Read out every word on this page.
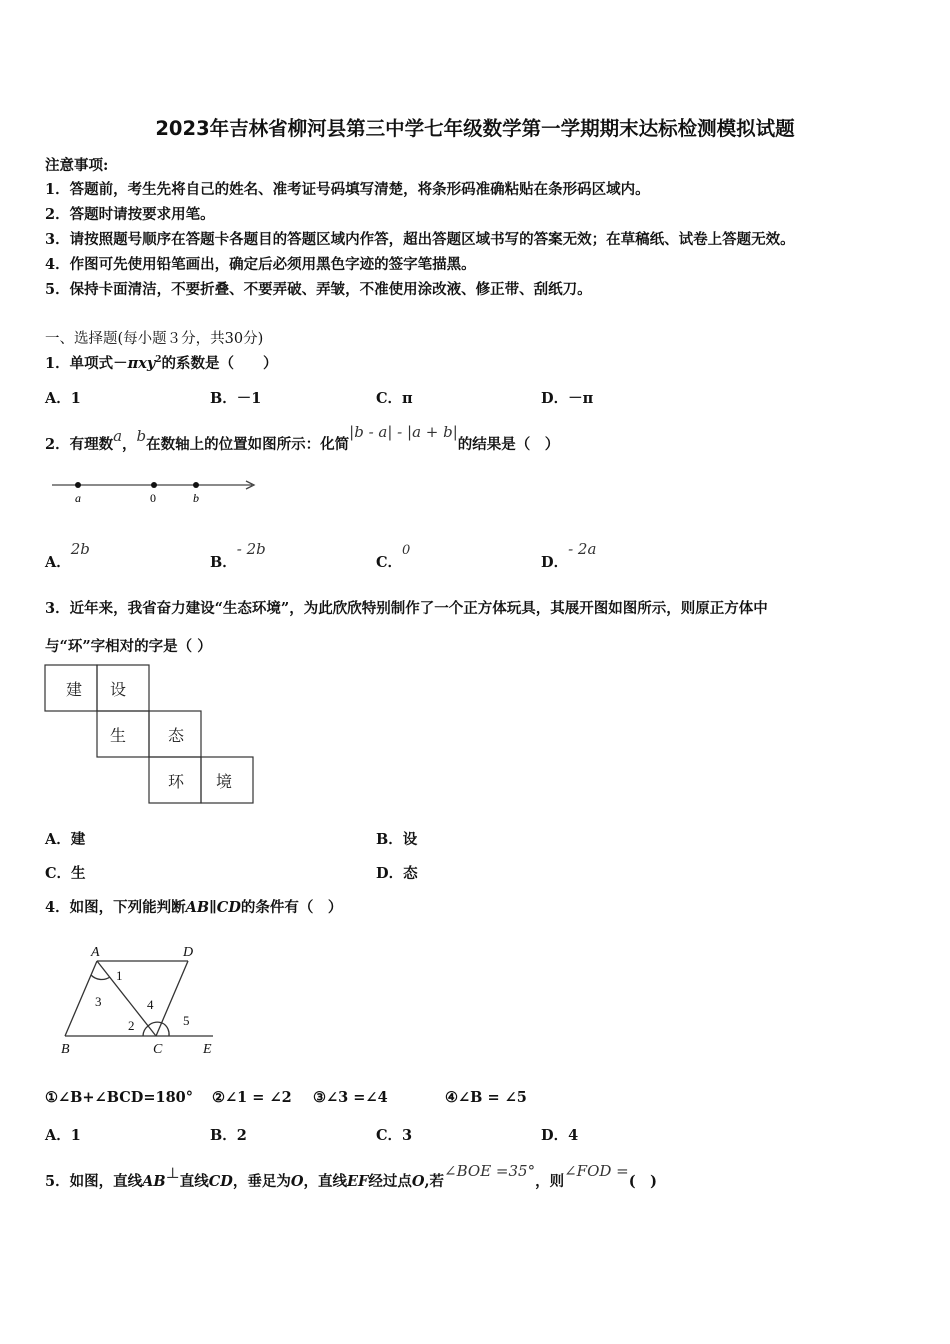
2023年吉林省柳河县第三中学七年级数学第一学期期末达标检测模拟试题
注意事项:
1．答题前，考生先将自己的姓名、准考证号码填写清楚，将条形码准确粘贴在条形码区域内。
2．答题时请按要求用笔。
3．请按照题号顺序在答题卡各题目的答题区域内作答，超出答题区域书写的答案无效；在草稿纸、试卷上答题无效。
4．作图可先使用铅笔画出，确定后必须用黑色字迹的签字笔描黑。
5．保持卡面清洁，不要折叠、不要弄破、弄皱，不准使用涂改液、修正带、刮纸刀。
一、选择题(每小题３分，共30分)
1．单项式－πxy$^2$的系数是（　　）
A．1	B．－1	C．π	D．－π
2．有理数a，b在数轴上的位置如图所示：化简|b - a| - |a + b|的结果是（　）
a	0	b
A．2b
B．- 2b
C．0
D．- 2a
3．近年来，我省奋力建设“生态环境”，为此欣欣特别制作了一个正方体玩具，其展开图如图所示，则原正方体中
与“环”字相对的字是（ ）
建 设
生	态
环 境
A．建	B．设
C．生	D．态
4．如图，下列能判断AB∥CD的条件有（　）
A	D
B	C	E
1
3	4
2	5
①∠B+∠BCD=180° ②∠1 = ∠2 ③∠3 =∠4	④∠B = ∠5
A．1	B．2	C．3	D．4
5．如图，直线AB⊥直线CD，垂足为O，直线EF经过点O,若∠BOE =35°，则∠FOD =(　)
